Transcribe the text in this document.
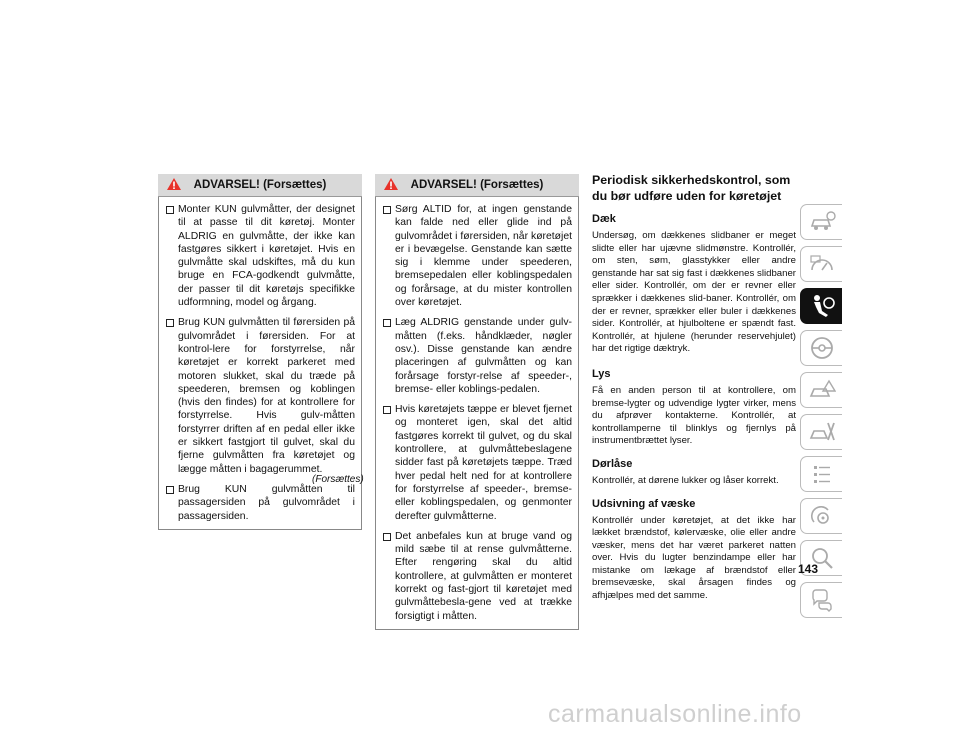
ADVARSEL! (Forsættes)
Monter KUN gulvmåtter, der designet til at passe til dit køretøj. Monter ALDRIG en gulvmåtte, der ikke kan fastgøres sikkert i køretøjet. Hvis en gulvmåtte skal udskiftes, må du kun bruge en FCA-godkendt gulvmåtte, der passer til dit køretøjs specifikke udformning, model og årgang.
Brug KUN gulvmåtten til førersiden på gulvområdet i førersiden. For at kontrol-lere for forstyrrelse, når køretøjet er korrekt parkeret med motoren slukket, skal du træde på speederen, bremsen og koblingen (hvis den findes) for at kontrollere for forstyrrelse. Hvis gulv-måtten forstyrrer driften af en pedal eller ikke er sikkert fastgjort til gulvet, skal du fjerne gulvmåtten fra køretøjet og lægge måtten i bagagerummet.
Brug KUN gulvmåtten til passagersiden på gulvområdet i passagersiden.
(Forsættes)
ADVARSEL! (Forsættes)
Sørg ALTID for, at ingen genstande kan falde ned eller glide ind på gulvområdet i førersiden, når køretøjet er i bevægelse. Genstande kan sætte sig i klemme under speederen, bremsepedalen eller koblingspedalen og forårsage, at du mister kontrollen over køretøjet.
Læg ALDRIG genstande under gulv-måtten (f.eks. håndklæder, nøgler osv.). Disse genstande kan ændre placeringen af gulvmåtten og kan forårsage forstyr-relse af speeder-, bremse- eller koblings-pedalen.
Hvis køretøjets tæppe er blevet fjernet og monteret igen, skal det altid fastgøres korrekt til gulvet, og du skal kontrollere, at gulvmåttebeslagene sidder fast på køretøjets tæppe. Træd hver pedal helt ned for at kontrollere for forstyrrelse af speeder-, bremse- eller koblingspedalen, og genmonter derefter gulvmåtterne.
Det anbefales kun at bruge vand og mild sæbe til at rense gulvmåtterne. Efter rengøring skal du altid kontrollere, at gulvmåtten er monteret korrekt og fast-gjort til køretøjet med gulvmåttebesla-gene ved at trække forsigtigt i måtten.
Periodisk sikkerhedskontrol, som du bør udføre uden for køretøjet
Dæk
Undersøg, om dækkenes slidbaner er meget slidte eller har ujævne slidmønstre. Kontrollér, om sten, søm, glasstykker eller andre genstande har sat sig fast i dækkenes slidbaner eller sider. Kontrollér, om der er revner eller sprækker i dækkenes slid-baner. Kontrollér, om der er revner, sprækker eller buler i dækkenes sider. Kontrollér, at hjulboltene er spændt fast. Kontrollér, at hjulene (herunder reservehjulet) har det rigtige dæktryk.
Lys
Få en anden person til at kontrollere, om bremse-lygter og udvendige lygter virker, mens du afprøver kontakterne. Kontrollér, at kontrollamperne til blinklys og fjernlys på instrumentbrættet lyser.
Dørlåse
Kontrollér, at dørene lukker og låser korrekt.
Udsivning af væske
Kontrollér under køretøjet, at det ikke har lækket brændstof, kølervæske, olie eller andre væsker, mens det har været parkeret natten over. Hvis du lugter benzindampe eller har mistanke om lækage af brændstof eller bremsevæske, skal årsagen findes og afhjælpes med det samme.
143
carmanualsonline.info
